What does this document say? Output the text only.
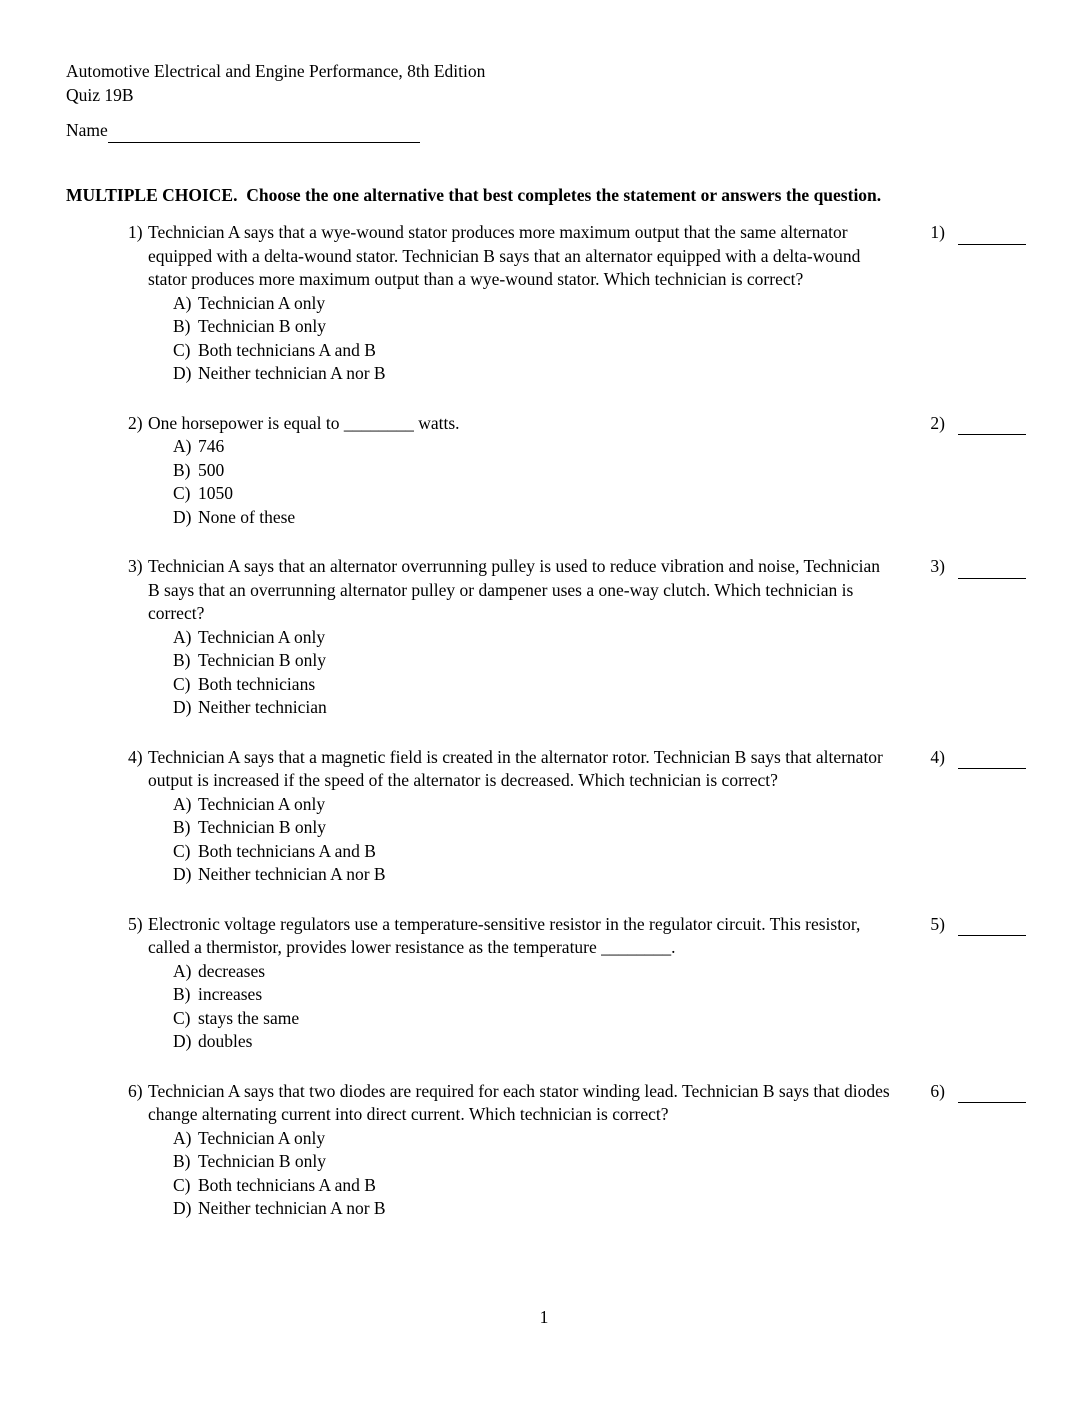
Automotive Electrical and Engine Performance, 8th Edition
Quiz 19B
Name
MULTIPLE CHOICE.  Choose the one alternative that best completes the statement or answers the question.
1) Technician A says that a wye-wound stator produces more maximum output that the same alternator equipped with a delta-wound stator. Technician B says that an alternator equipped with a delta-wound stator produces more maximum output than a wye-wound stator. Which technician is correct?
A) Technician A only
B) Technician B only
C) Both technicians A and B
D) Neither technician A nor B
1)
2) One horsepower is equal to ________ watts.
A) 746
B) 500
C) 1050
D) None of these
2)
3) Technician A says that an alternator overrunning pulley is used to reduce vibration and noise, Technician B says that an overrunning alternator pulley or dampener uses a one-way clutch. Which technician is correct?
A) Technician A only
B) Technician B only
C) Both technicians
D) Neither technician
3)
4) Technician A says that a magnetic field is created in the alternator rotor. Technician B says that alternator output is increased if the speed of the alternator is decreased. Which technician is correct?
A) Technician A only
B) Technician B only
C) Both technicians A and B
D) Neither technician A nor B
4)
5) Electronic voltage regulators use a temperature-sensitive resistor in the regulator circuit. This resistor, called a thermistor, provides lower resistance as the temperature ________.
A) decreases
B) increases
C) stays the same
D) doubles
5)
6) Technician A says that two diodes are required for each stator winding lead. Technician B says that diodes change alternating current into direct current. Which technician is correct?
A) Technician A only
B) Technician B only
C) Both technicians A and B
D) Neither technician A nor B
6)
1
